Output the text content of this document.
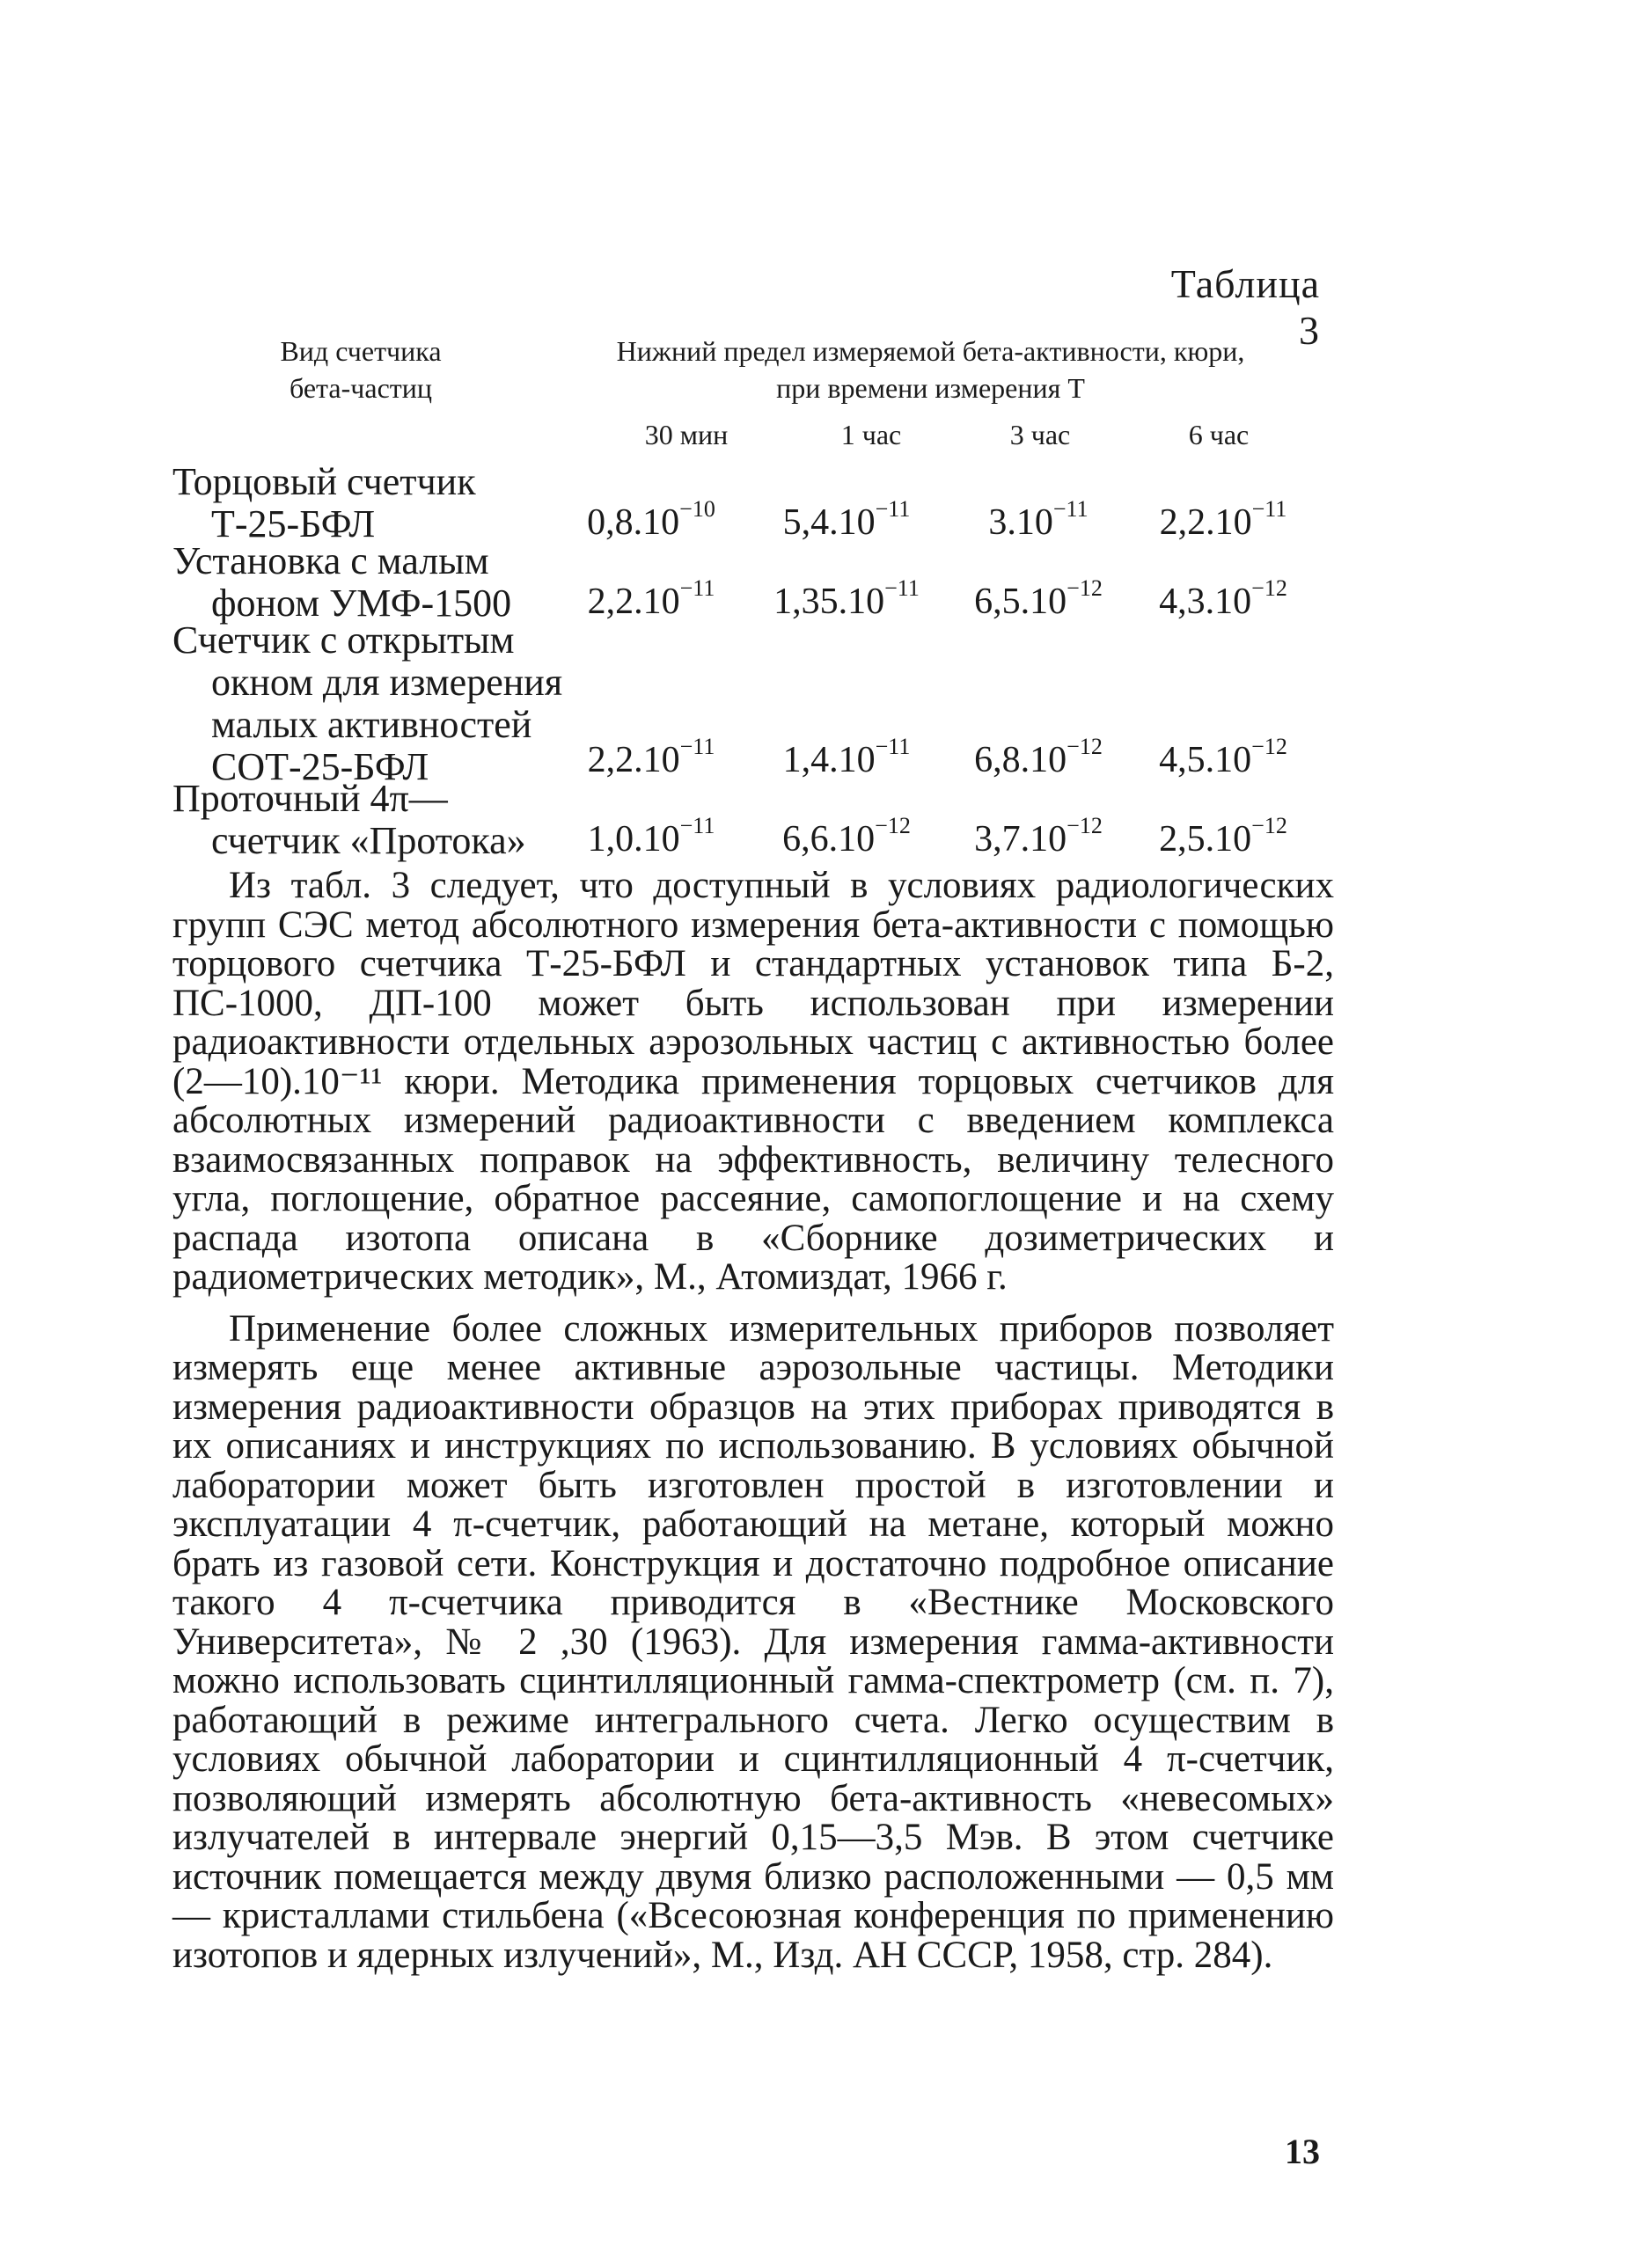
Таблица 3
Вид счетчика
бета-частиц
Нижний предел измеряемой бета-активности, кюри,
при времени измерения Т
30 мин	1 час	3 час	6 час
Торцовый счетчик
Т-25-БФЛ	$0,8.10^{-10}$	$5,4.10^{-11}$	$3.10^{-11}$	$2,2.10^{-11}$
Установка с малым
фоном УМФ-1500	$2,2.10^{-11}$	$1,35.10^{-11}$	$6,5.10^{-12}$	$4,3.10^{-12}$
Счетчик с открытым
окном для измерения
малых активностей
СОТ-25-БФЛ	$2,2.10^{-11}$	$1,4.10^{-11}$	$6,8.10^{-12}$	$4,5.10^{-12}$
Проточный 4π—
счетчик «Протока»	$1,0.10^{-11}$	$6,6.10^{-12}$	$3,7.10^{-12}$	$2,5.10^{-12}$

Из табл. 3 следует, что доступный в условиях радиологических групп СЭС метод абсолютного измерения бета-активности с помощью торцового счетчика Т-25-БФЛ и стандартных установок типа Б-2, ПС-1000, ДП-100 может быть использован при измерении радиоактивности отдельных аэрозольных частиц с активностью более (2—10).10⁻¹¹ кюри. Методика применения торцовых счетчиков для абсолютных измерений радиоактивности с введением комплекса взаимосвязанных поправок на эффективность, величину телесного угла, поглощение, обратное рассеяние, самопоглощение и на схему распада изотопа описана в «Сборнике дозиметрических и радиометрических методик», М., Атомиздат, 1966 г.

Применение более сложных измерительных приборов позволяет измерять еще менее активные аэрозольные частицы. Методики измерения радиоактивности образцов на этих приборах приводятся в их описаниях и инструкциях по использованию. В условиях обычной лаборатории может быть изготовлен простой в изготовлении и эксплуатации 4 π-счетчик, работающий на метане, который можно брать из газовой сети. Конструкция и достаточно подробное описание такого 4 π-счетчика приводится в «Вестнике Московского Университета», № 2 ,30 (1963). Для измерения гамма-активности можно использовать сцинтилляционный гамма-спектрометр (см. п. 7), работающий в режиме интегрального счета. Легко осуществим в условиях обычной лаборатории и сцинтилляционный 4 π-счетчик, позволяющий измерять абсолютную бета-активность «невесомых» излучателей в интервале энергий 0,15—3,5 Мэв. В этом счетчике источник помещается между двумя близко расположенными — 0,5 мм — кристаллами стильбена («Всесоюзная конференция по применению изотопов и ядерных излучений», М., Изд. АН СССР, 1958, стр. 284).

13
